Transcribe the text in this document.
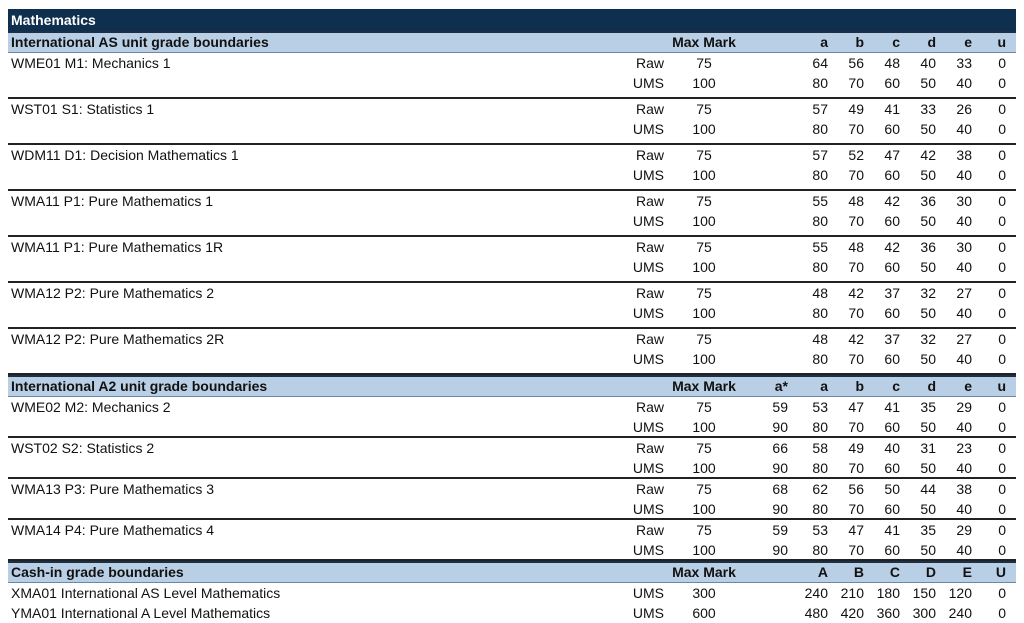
Mathematics
International AS unit grade boundaries	Max Mark	a	b	c	d	e	u
WME01 M1: Mechanics 1	Raw	75	64	56	48	40	33	0
UMS	100	80	70	60	50	40	0
WST01 S1: Statistics 1	Raw	75	57	49	41	33	26	0
UMS	100	80	70	60	50	40	0
WDM11 D1: Decision Mathematics 1	Raw	75	57	52	47	42	38	0
UMS	100	80	70	60	50	40	0
WMA11 P1: Pure Mathematics 1	Raw	75	55	48	42	36	30	0
UMS	100	80	70	60	50	40	0
WMA11 P1: Pure Mathematics 1R	Raw	75	55	48	42	36	30	0
UMS	100	80	70	60	50	40	0
WMA12 P2: Pure Mathematics 2	Raw	75	48	42	37	32	27	0
UMS	100	80	70	60	50	40	0
WMA12 P2: Pure Mathematics 2R	Raw	75	48	42	37	32	27	0
UMS	100	80	70	60	50	40	0
International A2 unit grade boundaries	Max Mark	a*	a	b	c	d	e	u
WME02 M2: Mechanics 2	Raw	75	59	53	47	41	35	29	0
UMS	100	90	80	70	60	50	40	0
WST02 S2: Statistics 2	Raw	75	66	58	49	40	31	23	0
UMS	100	90	80	70	60	50	40	0
WMA13 P3: Pure Mathematics 3	Raw	75	68	62	56	50	44	38	0
UMS	100	90	80	70	60	50	40	0
WMA14 P4: Pure Mathematics 4	Raw	75	59	53	47	41	35	29	0
UMS	100	90	80	70	60	50	40	0
Cash-in grade boundaries	Max Mark	A	B	C	D	E	U
XMA01 International AS Level Mathematics	UMS	300	240 210 180 150 120	0
YMA01 International A Level Mathematics	UMS	600	480 420 360 300 240	0
